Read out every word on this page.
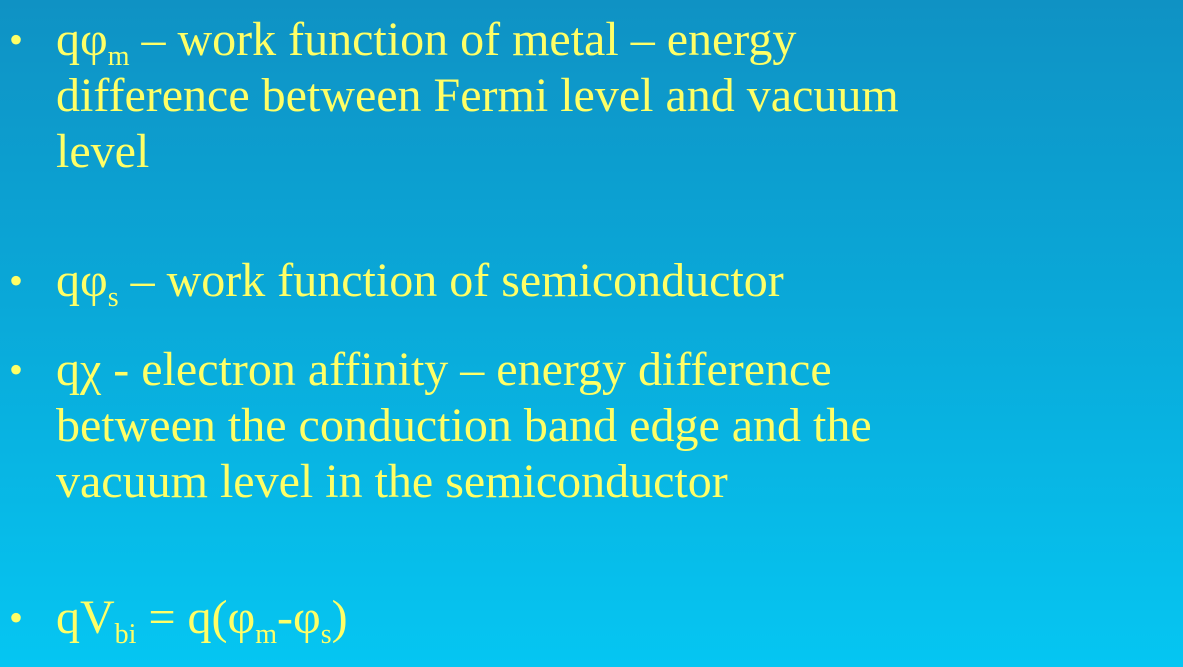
• $q\varphi_m$ – work function of metal – energy
difference between Fermi level and vacuum
level
• $q\varphi_s$ – work function of semiconductor
• qχ - electron affinity – energy difference
between the conduction band edge and the
vacuum level in the semiconductor
• $qV_{bi} = q(\varphi_m-\varphi_s)$
